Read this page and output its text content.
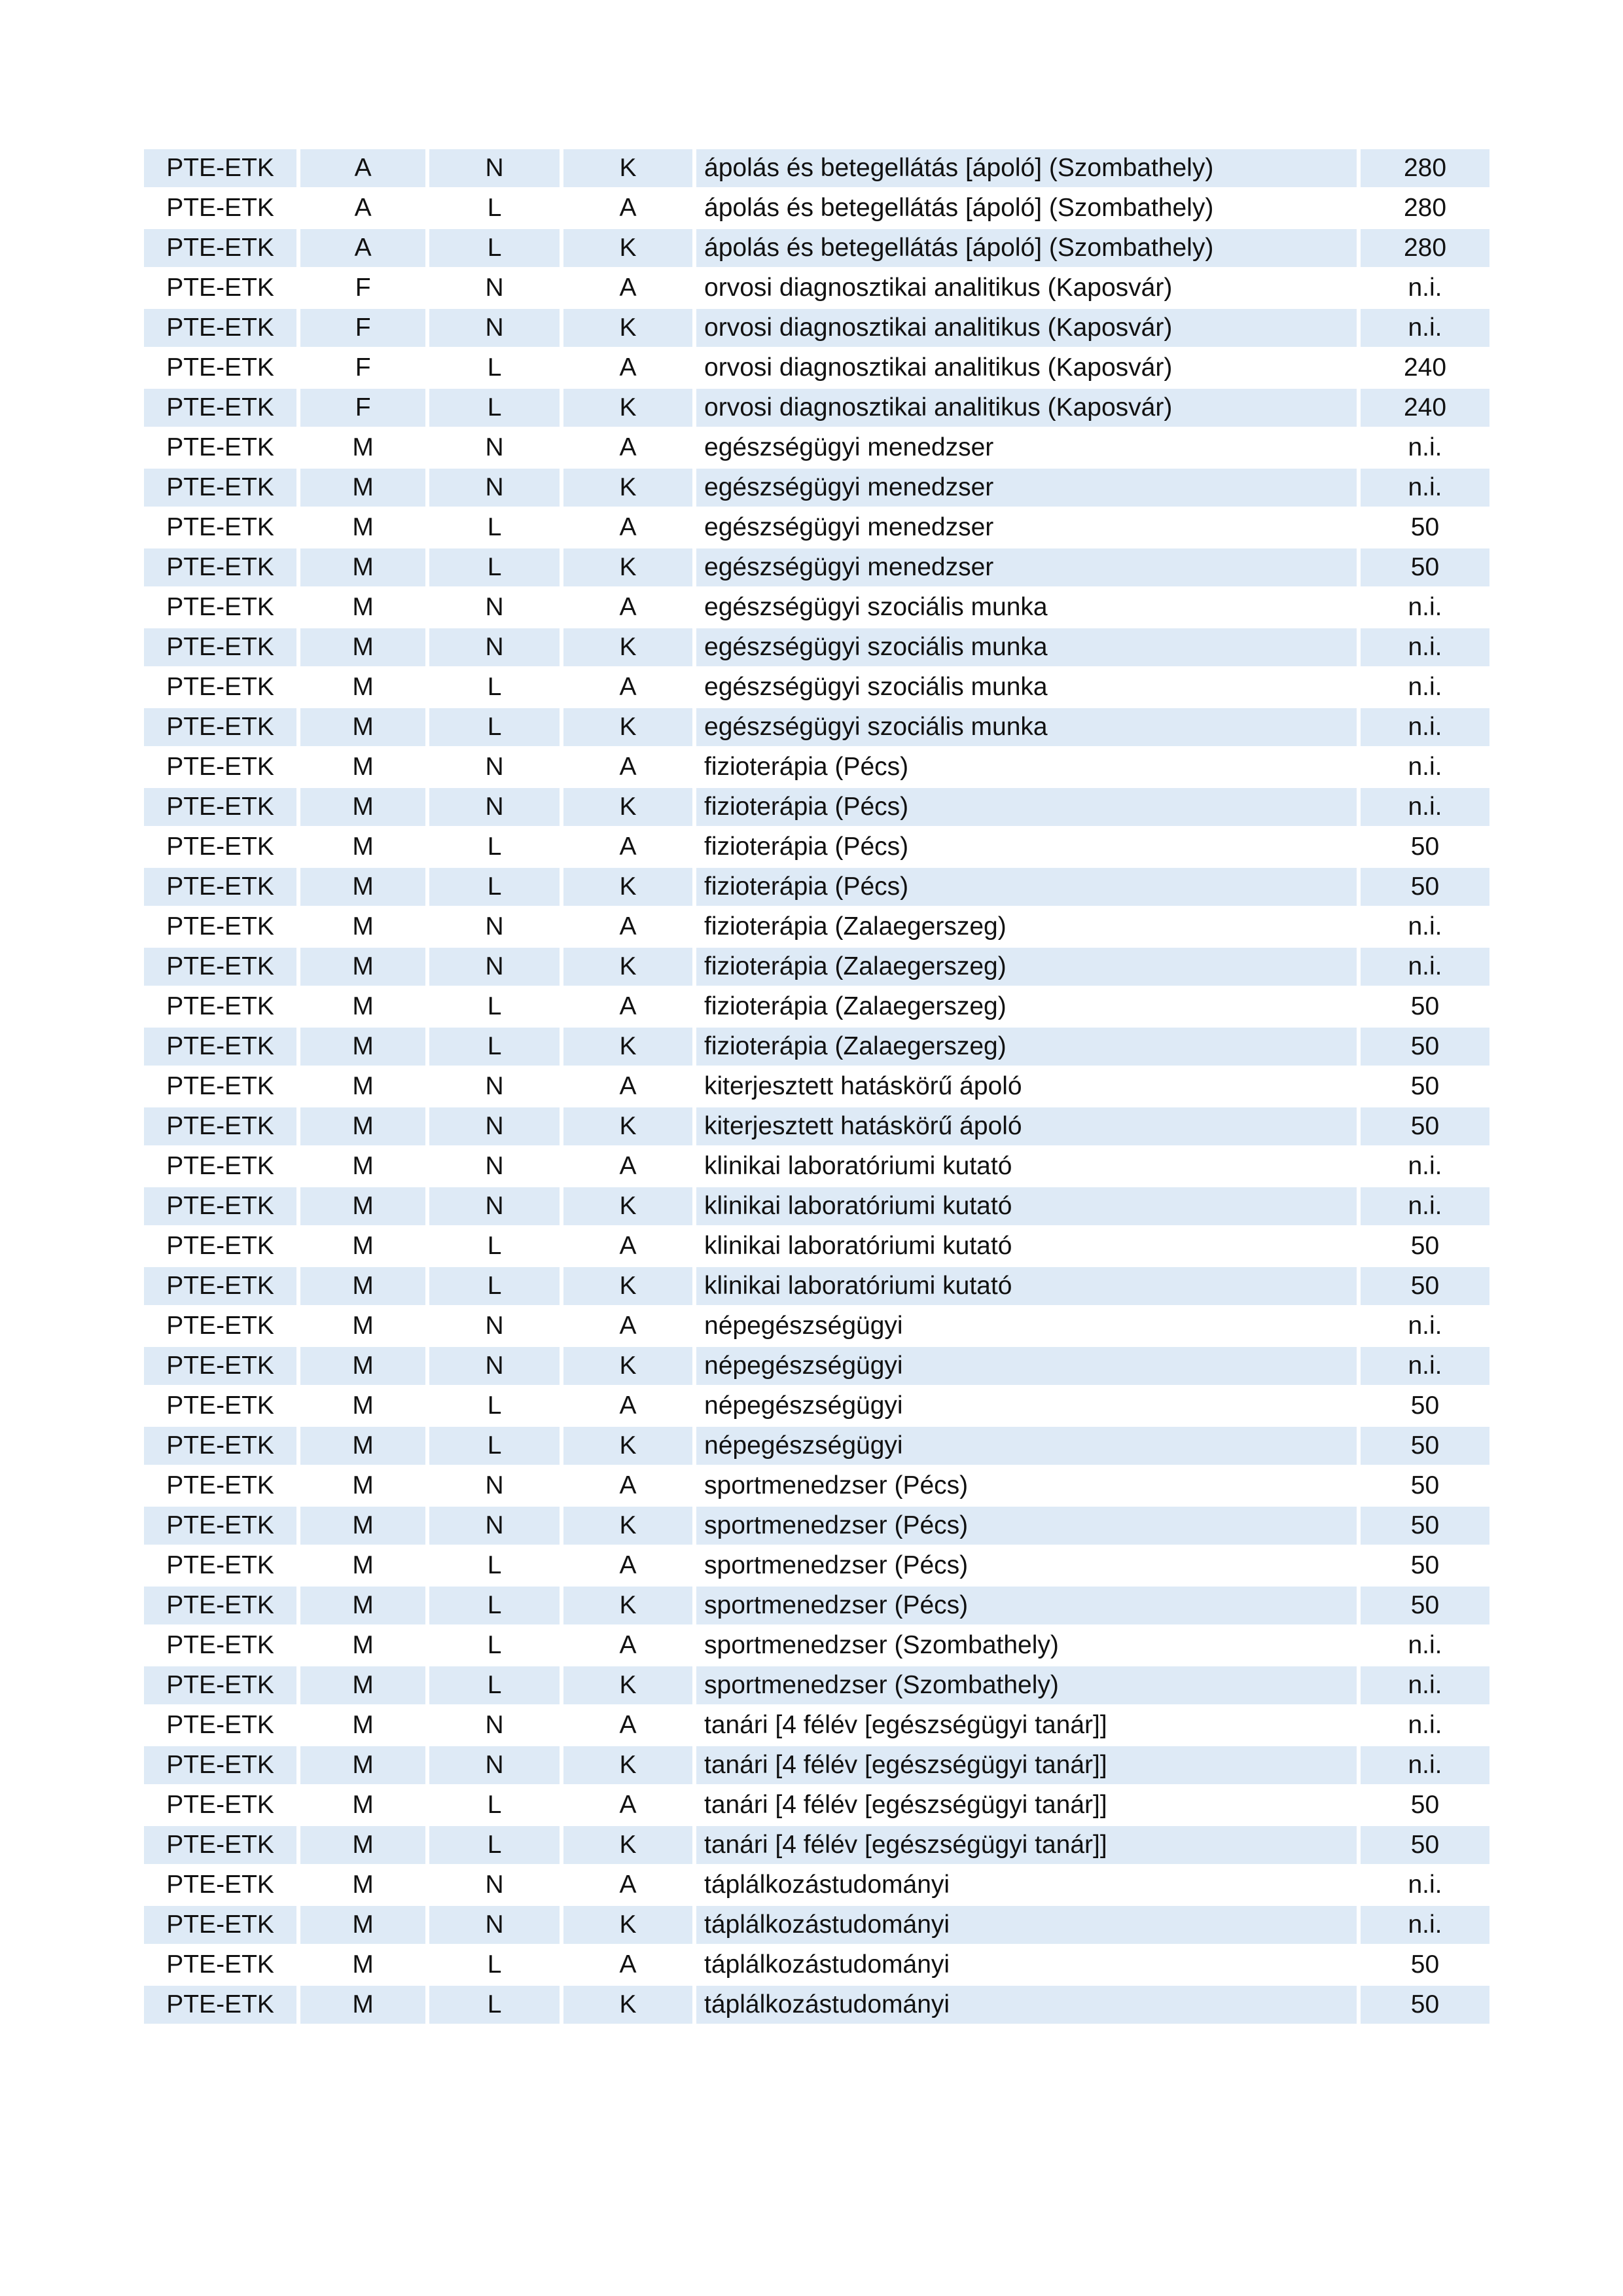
PTE-ETK	A	N	K	ápolás és betegellátás [ápoló] (Szombathely)	280
PTE-ETK	A	L	A	ápolás és betegellátás [ápoló] (Szombathely)	280
PTE-ETK	A	L	K	ápolás és betegellátás [ápoló] (Szombathely)	280
PTE-ETK	F	N	A	orvosi diagnosztikai analitikus (Kaposvár)	n.i.
PTE-ETK	F	N	K	orvosi diagnosztikai analitikus (Kaposvár)	n.i.
PTE-ETK	F	L	A	orvosi diagnosztikai analitikus (Kaposvár)	240
PTE-ETK	F	L	K	orvosi diagnosztikai analitikus (Kaposvár)	240
PTE-ETK	M	N	A	egészségügyi menedzser	n.i.
PTE-ETK	M	N	K	egészségügyi menedzser	n.i.
PTE-ETK	M	L	A	egészségügyi menedzser	50
PTE-ETK	M	L	K	egészségügyi menedzser	50
PTE-ETK	M	N	A	egészségügyi szociális munka	n.i.
PTE-ETK	M	N	K	egészségügyi szociális munka	n.i.
PTE-ETK	M	L	A	egészségügyi szociális munka	n.i.
PTE-ETK	M	L	K	egészségügyi szociális munka	n.i.
PTE-ETK	M	N	A	fizioterápia (Pécs)	n.i.
PTE-ETK	M	N	K	fizioterápia (Pécs)	n.i.
PTE-ETK	M	L	A	fizioterápia (Pécs)	50
PTE-ETK	M	L	K	fizioterápia (Pécs)	50
PTE-ETK	M	N	A	fizioterápia (Zalaegerszeg)	n.i.
PTE-ETK	M	N	K	fizioterápia (Zalaegerszeg)	n.i.
PTE-ETK	M	L	A	fizioterápia (Zalaegerszeg)	50
PTE-ETK	M	L	K	fizioterápia (Zalaegerszeg)	50
PTE-ETK	M	N	A	kiterjesztett hatáskörű ápoló	50
PTE-ETK	M	N	K	kiterjesztett hatáskörű ápoló	50
PTE-ETK	M	N	A	klinikai laboratóriumi kutató	n.i.
PTE-ETK	M	N	K	klinikai laboratóriumi kutató	n.i.
PTE-ETK	M	L	A	klinikai laboratóriumi kutató	50
PTE-ETK	M	L	K	klinikai laboratóriumi kutató	50
PTE-ETK	M	N	A	népegészségügyi	n.i.
PTE-ETK	M	N	K	népegészségügyi	n.i.
PTE-ETK	M	L	A	népegészségügyi	50
PTE-ETK	M	L	K	népegészségügyi	50
PTE-ETK	M	N	A	sportmenedzser (Pécs)	50
PTE-ETK	M	N	K	sportmenedzser (Pécs)	50
PTE-ETK	M	L	A	sportmenedzser (Pécs)	50
PTE-ETK	M	L	K	sportmenedzser (Pécs)	50
PTE-ETK	M	L	A	sportmenedzser (Szombathely)	n.i.
PTE-ETK	M	L	K	sportmenedzser (Szombathely)	n.i.
PTE-ETK	M	N	A	tanári [4 félév [egészségügyi tanár]]	n.i.
PTE-ETK	M	N	K	tanári [4 félév [egészségügyi tanár]]	n.i.
PTE-ETK	M	L	A	tanári [4 félév [egészségügyi tanár]]	50
PTE-ETK	M	L	K	tanári [4 félév [egészségügyi tanár]]	50
PTE-ETK	M	N	A	táplálkozástudományi	n.i.
PTE-ETK	M	N	K	táplálkozástudományi	n.i.
PTE-ETK	M	L	A	táplálkozástudományi	50
PTE-ETK	M	L	K	táplálkozástudományi	50
